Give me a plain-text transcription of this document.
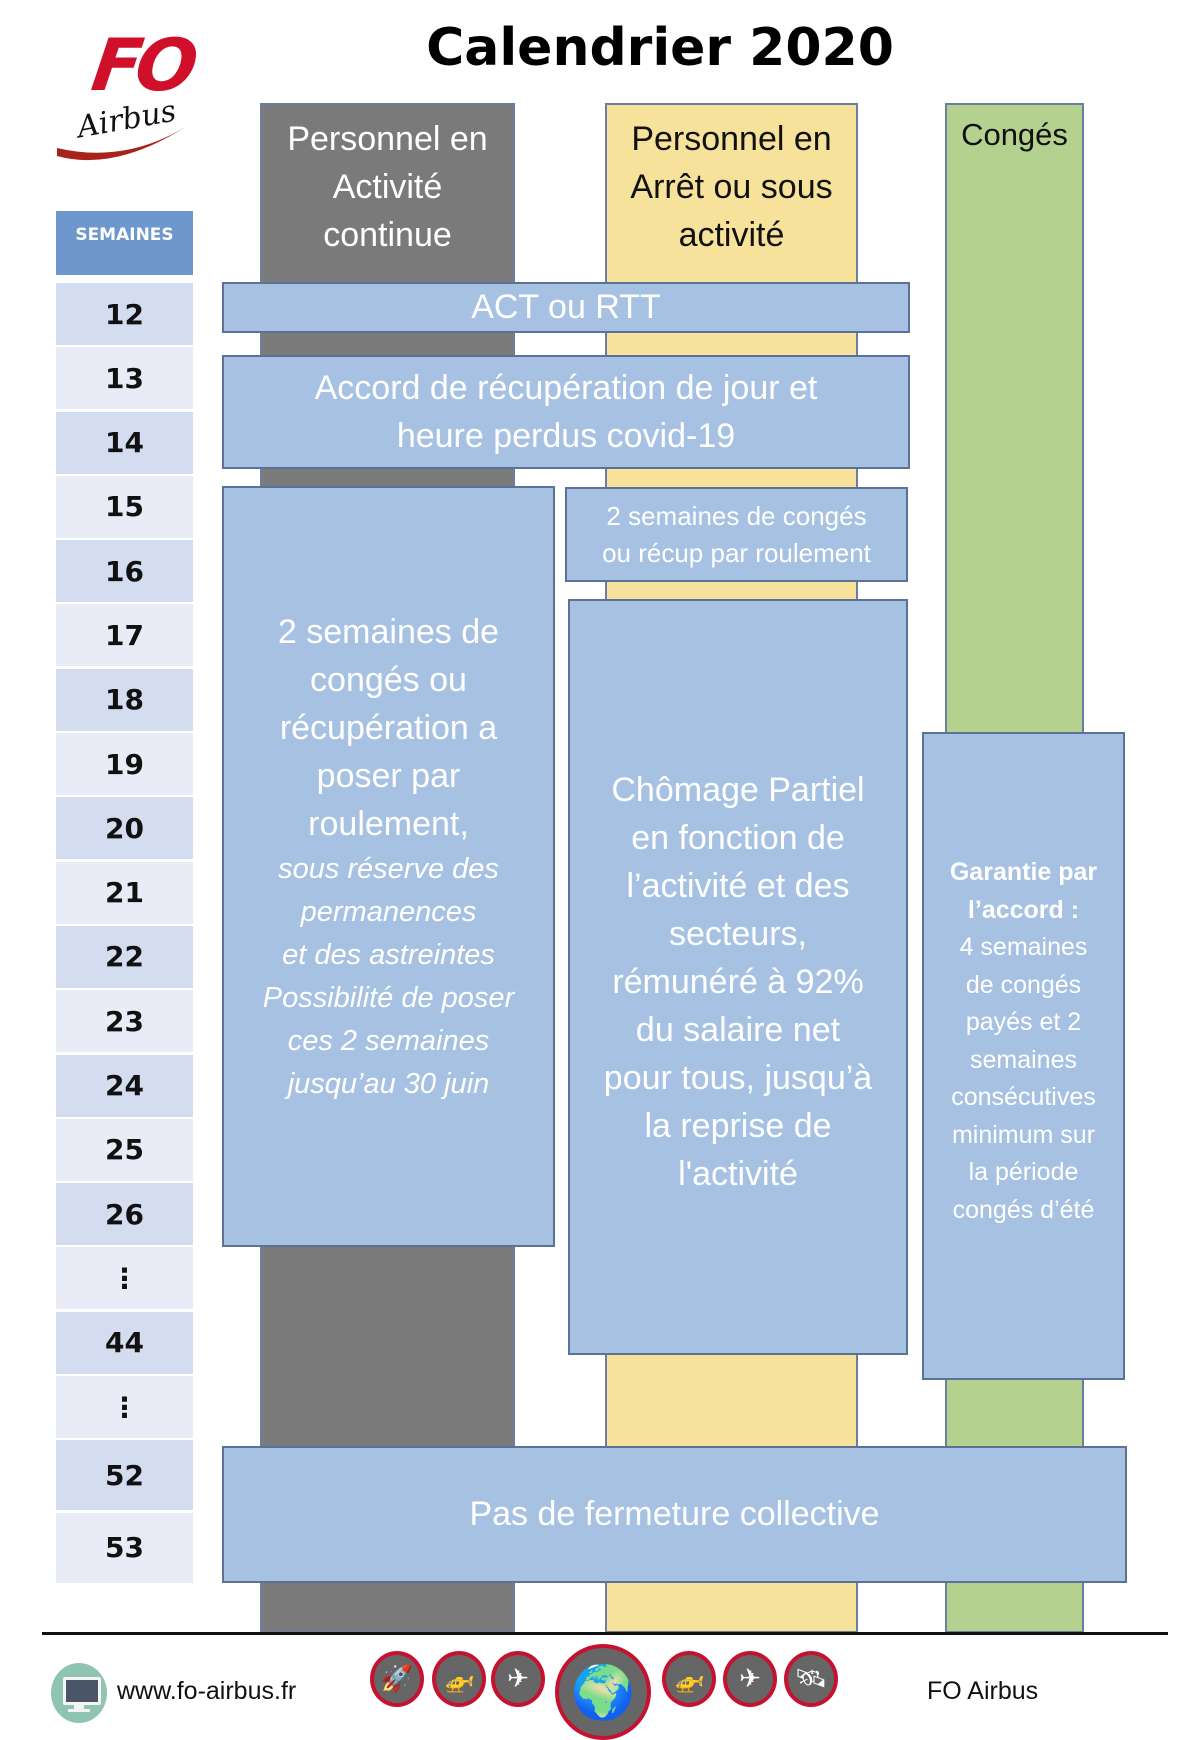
Calendrier 2020
FO
Airbus
SEMAINES
12
13
14
15
16
17
18
19
20
21
22
23
24
25
26
⋮
44
⋮
52
53
Personnel en
Activité
continue
Personnel en
Arrêt ou sous
activité
Congés
ACT ou RTT
Accord de récupération de jour et
heure perdus covid-19
2 semaines de
congés ou
récupération a
poser par
roulement,
sous réserve des
permanences
et des astreintes
Possibilité de poser
ces 2 semaines
jusqu’au 30 juin
2 semaines de congés
ou récup par roulement
Chômage Partiel
en fonction de
l’activité et des
secteurs,
rémunéré à 92%
du salaire net
pour tous, jusqu’à
la reprise de
l'activité
Garantie par
l’accord :
4 semaines
de congés
payés et 2
semaines
consécutives
minimum sur
la période
congés d’été
Pas de fermeture collective
www.fo-airbus.fr	🚀	🚁	✈ 🌍	🚁	✈	🛰	FO Airbus
